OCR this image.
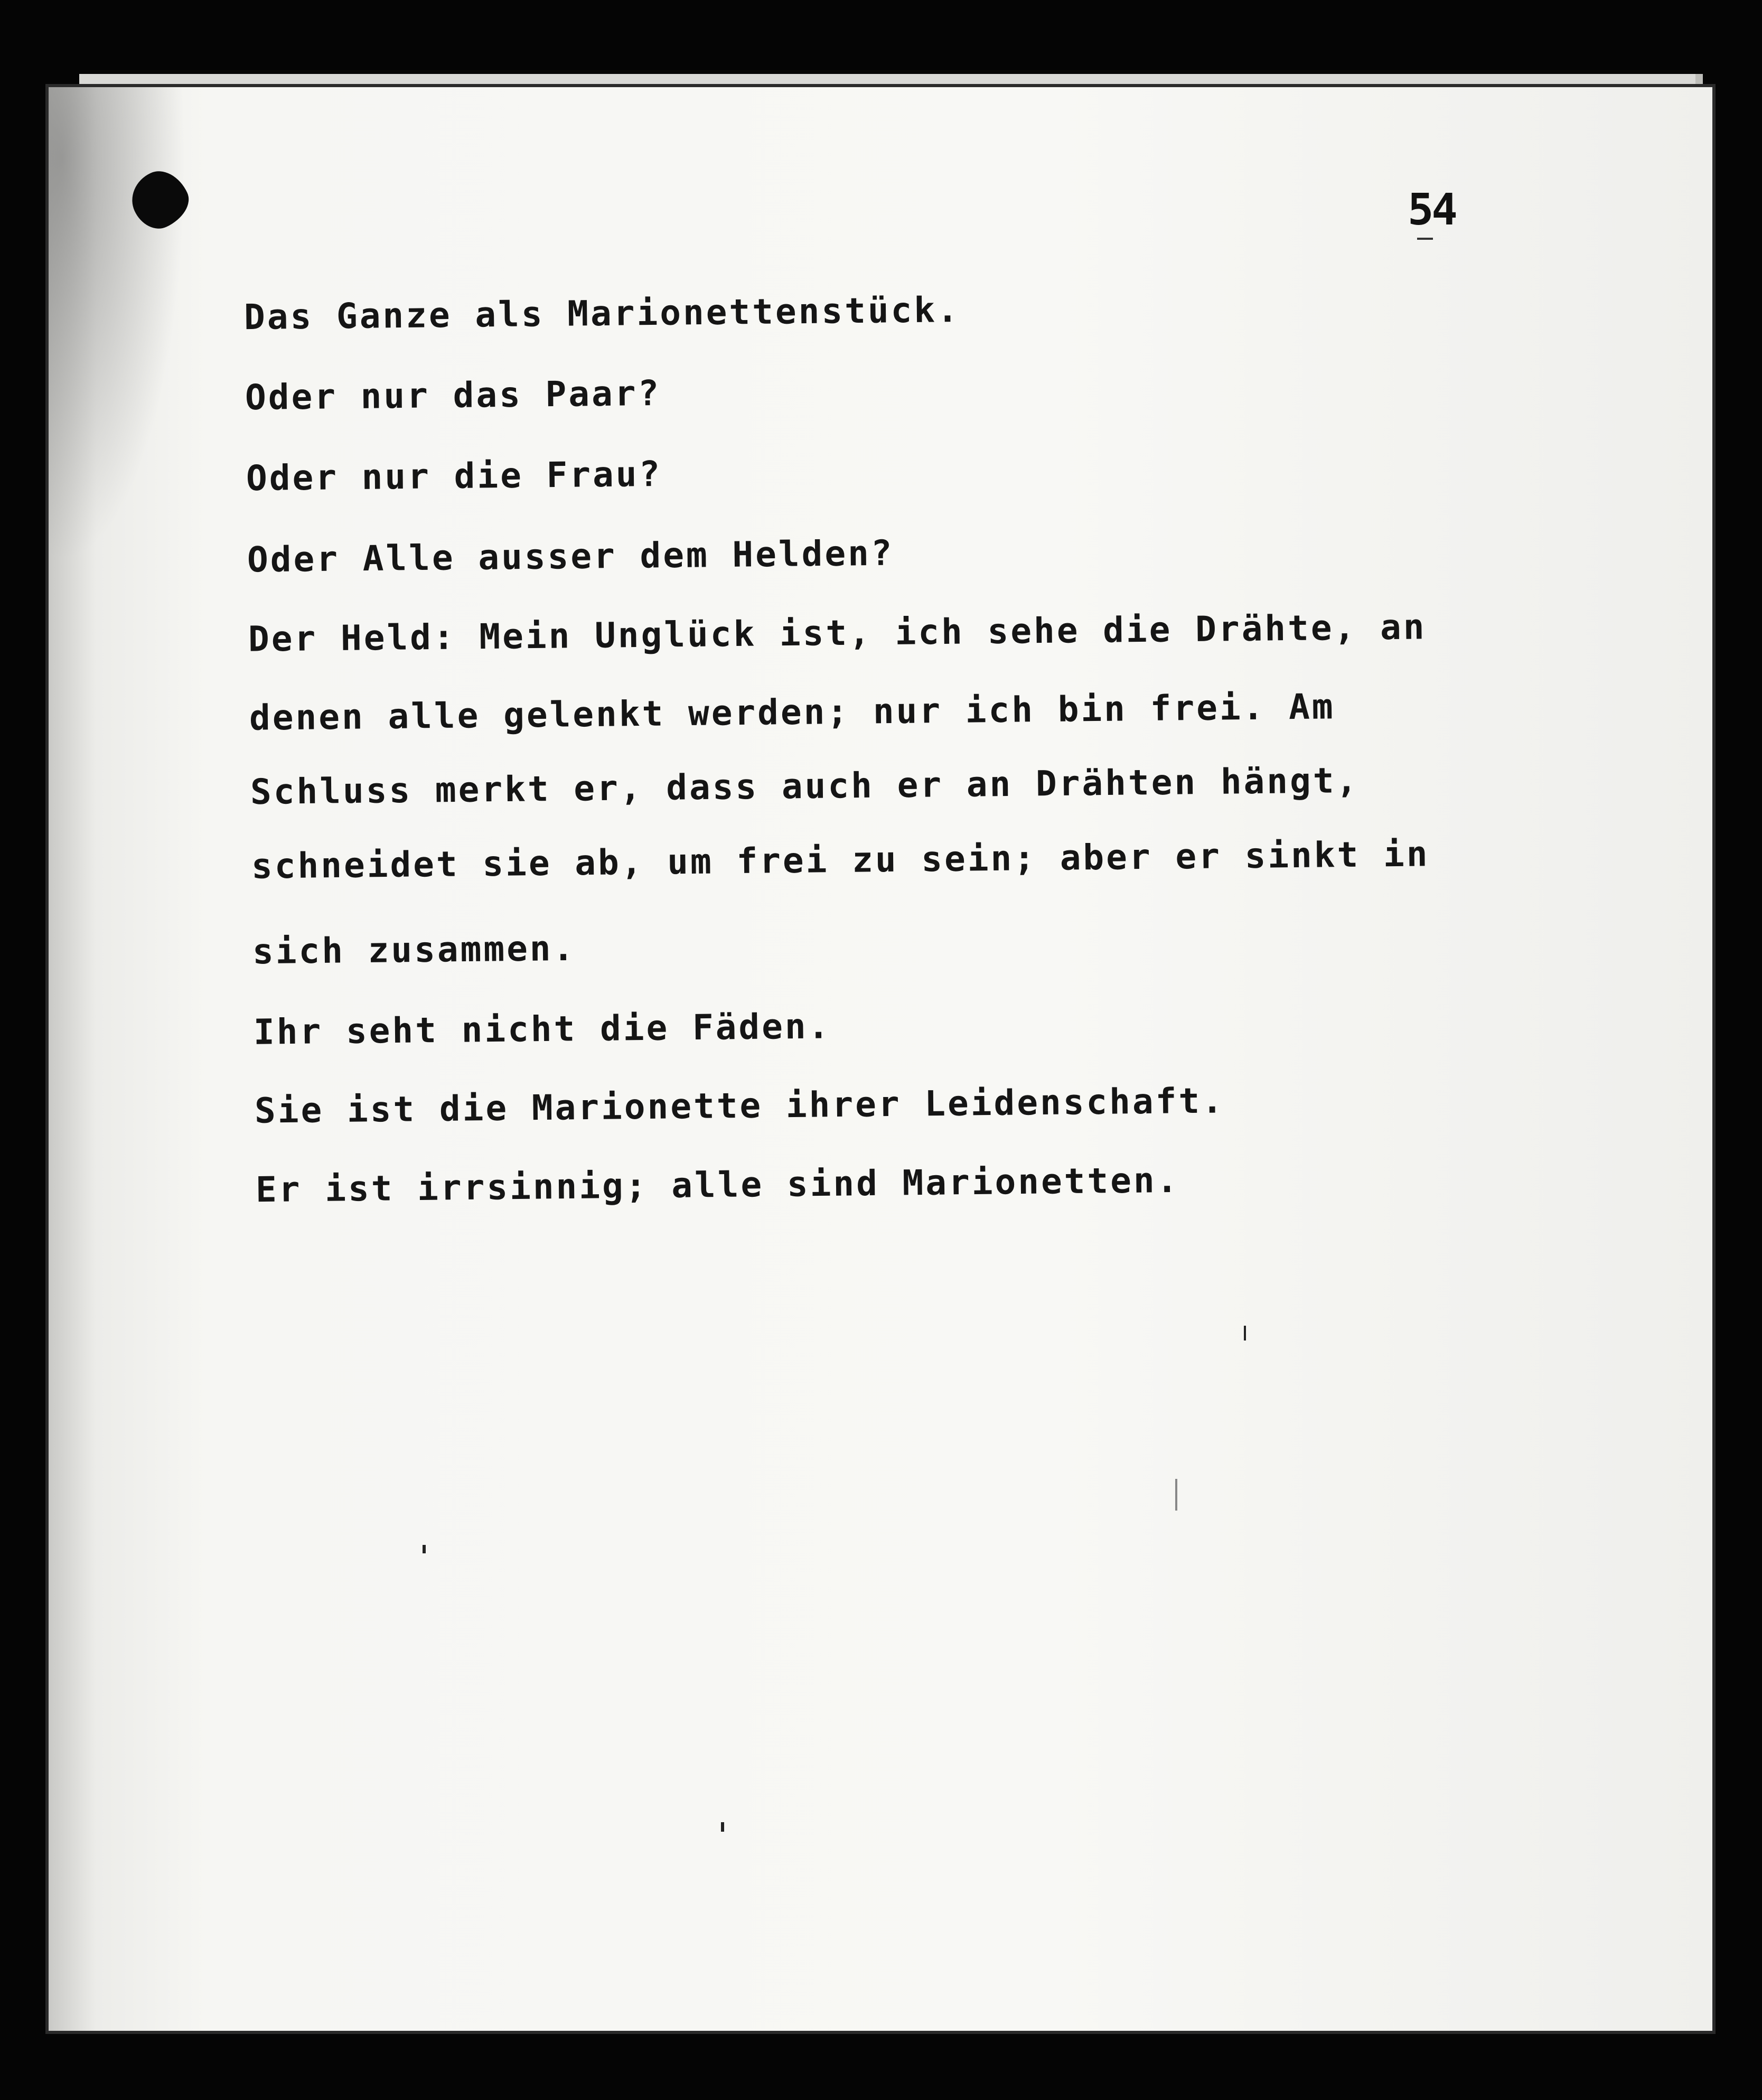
54
Das Ganze als Marionettenstück.
Oder nur das Paar?
Oder nur die Frau?
Oder Alle ausser dem Helden?
Der Held: Mein Unglück ist, ich sehe die Drähte, an
denen alle gelenkt werden; nur ich bin frei. Am
Schluss merkt er, dass auch er an Drähten hängt,
schneidet sie ab, um frei zu sein; aber er sinkt in
sich zusammen.
Ihr seht nicht die Fäden.
Sie ist die Marionette ihrer Leidenschaft.
Er ist irrsinnig; alle sind Marionetten.
